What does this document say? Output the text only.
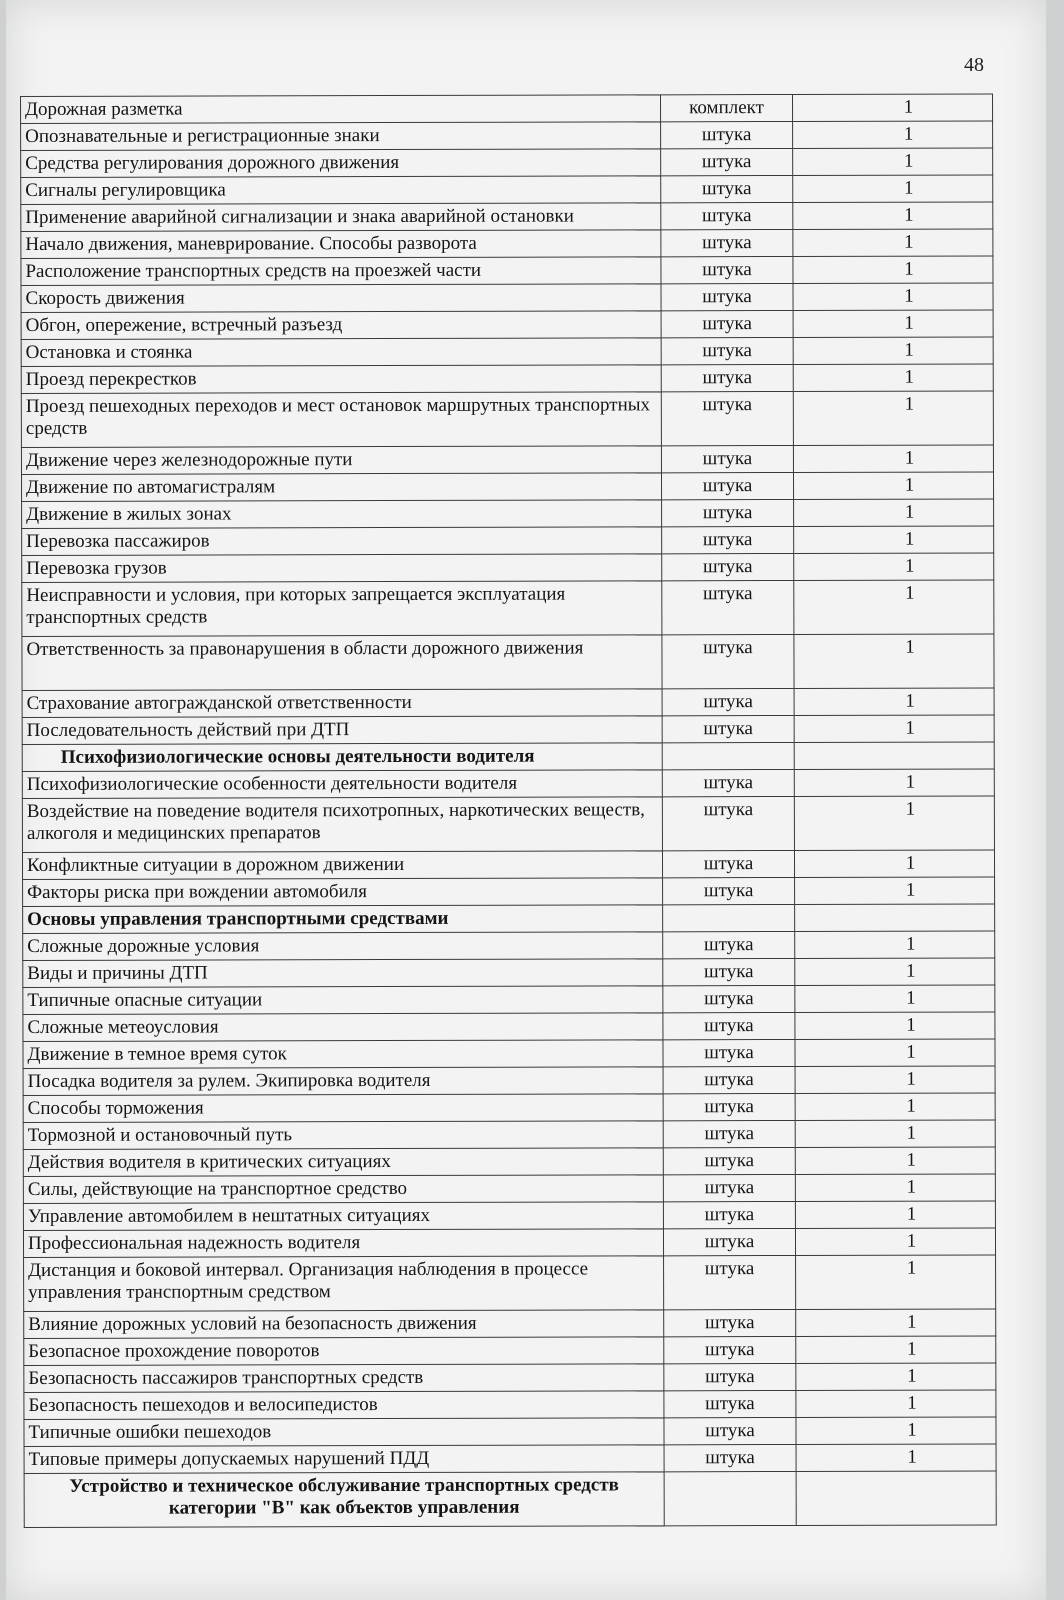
48
Дорожная разметка	комплект	1
Опознавательные и регистрационные знаки	штука	1
Средства регулирования дорожного движения	штука	1
Сигналы регулировщика	штука	1
Применение аварийной сигнализации и знака аварийной остановки	штука	1
Начало движения, маневрирование. Способы разворота	штука	1
Расположение транспортных средств на проезжей части	штука	1
Скорость движения	штука	1
Обгон, опережение, встречный разъезд	штука	1
Остановка и стоянка	штука	1
Проезд перекрестков	штука	1
Проезд пешеходных переходов и мест остановок маршрутных транспортных средств	штука	1
Движение через железнодорожные пути	штука	1
Движение по автомагистралям	штука	1
Движение в жилых зонах	штука	1
Перевозка пассажиров	штука	1
Перевозка грузов	штука	1
Неисправности и условия, при которых запрещается эксплуатация транспортных средств	штука	1
Ответственность за правонарушения в области дорожного движения	штука	1
Страхование автогражданской ответственности	штука	1
Последовательность действий при ДТП	штука	1
Психофизиологические основы деятельности водителя		
Психофизиологические особенности деятельности водителя	штука	1
Воздействие на поведение водителя психотропных, наркотических веществ, алкоголя и медицинских препаратов	штука	1
Конфликтные ситуации в дорожном движении	штука	1
Факторы риска при вождении автомобиля	штука	1
Основы управления транспортными средствами		
Сложные дорожные условия	штука	1
Виды и причины ДТП	штука	1
Типичные опасные ситуации	штука	1
Сложные метеоусловия	штука	1
Движение в темное время суток	штука	1
Посадка водителя за рулем. Экипировка водителя	штука	1
Способы торможения	штука	1
Тормозной и остановочный путь	штука	1
Действия водителя в критических ситуациях	штука	1
Силы, действующие на транспортное средство	штука	1
Управление автомобилем в нештатных ситуациях	штука	1
Профессиональная надежность водителя	штука	1
Дистанция и боковой интервал. Организация наблюдения в процессе управления транспортным средством	штука	1
Влияние дорожных условий на безопасность движения	штука	1
Безопасное прохождение поворотов	штука	1
Безопасность пассажиров транспортных средств	штука	1
Безопасность пешеходов и велосипедистов	штука	1
Типичные ошибки пешеходов	штука	1
Типовые примеры допускаемых нарушений ПДД	штука	1
Устройство и техническое обслуживание транспортных средств категории "В" как объектов управления		
